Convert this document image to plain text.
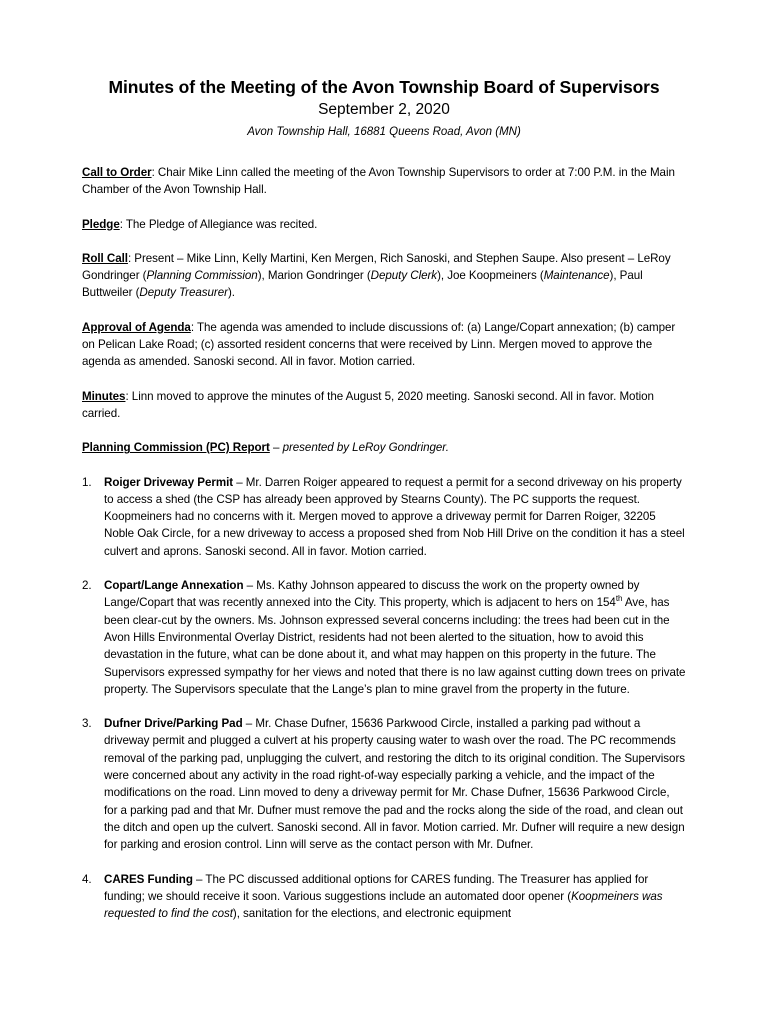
Minutes of the Meeting of the Avon Township Board of Supervisors
September 2, 2020
Avon Township Hall, 16881 Queens Road, Avon (MN)

Call to Order: Chair Mike Linn called the meeting of the Avon Township Supervisors to order at 7:00 P.M. in the Main Chamber of the Avon Township Hall.

Pledge: The Pledge of Allegiance was recited.

Roll Call: Present – Mike Linn, Kelly Martini, Ken Mergen, Rich Sanoski, and Stephen Saupe. Also present – LeRoy Gondringer (Planning Commission), Marion Gondringer (Deputy Clerk), Joe Koopmeiners (Maintenance), Paul Buttweiler (Deputy Treasurer).

Approval of Agenda: The agenda was amended to include discussions of: (a) Lange/Copart annexation; (b) camper on Pelican Lake Road; (c) assorted resident concerns that were received by Linn. Mergen moved to approve the agenda as amended. Sanoski second. All in favor. Motion carried.

Minutes: Linn moved to approve the minutes of the August 5, 2020 meeting. Sanoski second. All in favor. Motion carried.

Planning Commission (PC) Report – presented by LeRoy Gondringer.

1. Roiger Driveway Permit – Mr. Darren Roiger appeared to request a permit for a second driveway on his property to access a shed (the CSP has already been approved by Stearns County). The PC supports the request. Koopmeiners had no concerns with it. Mergen moved to approve a driveway permit for Darren Roiger, 32205 Noble Oak Circle, for a new driveway to access a proposed shed from Nob Hill Drive on the condition it has a steel culvert and aprons. Sanoski second. All in favor. Motion carried.
2. Copart/Lange Annexation – Ms. Kathy Johnson appeared to discuss the work on the property owned by Lange/Copart that was recently annexed into the City. This property, which is adjacent to hers on 154th Ave, has been clear-cut by the owners. Ms. Johnson expressed several concerns including: the trees had been cut in the Avon Hills Environmental Overlay District, residents had not been alerted to the situation, how to avoid this devastation in the future, what can be done about it, and what may happen on this property in the future. The Supervisors expressed sympathy for her views and noted that there is no law against cutting down trees on private property. The Supervisors speculate that the Lange’s plan to mine gravel from the property in the future.
3. Dufner Drive/Parking Pad – Mr. Chase Dufner, 15636 Parkwood Circle, installed a parking pad without a driveway permit and plugged a culvert at his property causing water to wash over the road. The PC recommends removal of the parking pad, unplugging the culvert, and restoring the ditch to its original condition. The Supervisors were concerned about any activity in the road right-of-way especially parking a vehicle, and the impact of the modifications on the road. Linn moved to deny a driveway permit for Mr. Chase Dufner, 15636 Parkwood Circle, for a parking pad and that Mr. Dufner must remove the pad and the rocks along the side of the road, and clean out the ditch and open up the culvert. Sanoski second. All in favor. Motion carried. Mr. Dufner will require a new design for parking and erosion control. Linn will serve as the contact person with Mr. Dufner.
4. CARES Funding – The PC discussed additional options for CARES funding. The Treasurer has applied for funding; we should receive it soon. Various suggestions include an automated door opener (Koopmeiners was requested to find the cost), sanitation for the elections, and electronic equipment
